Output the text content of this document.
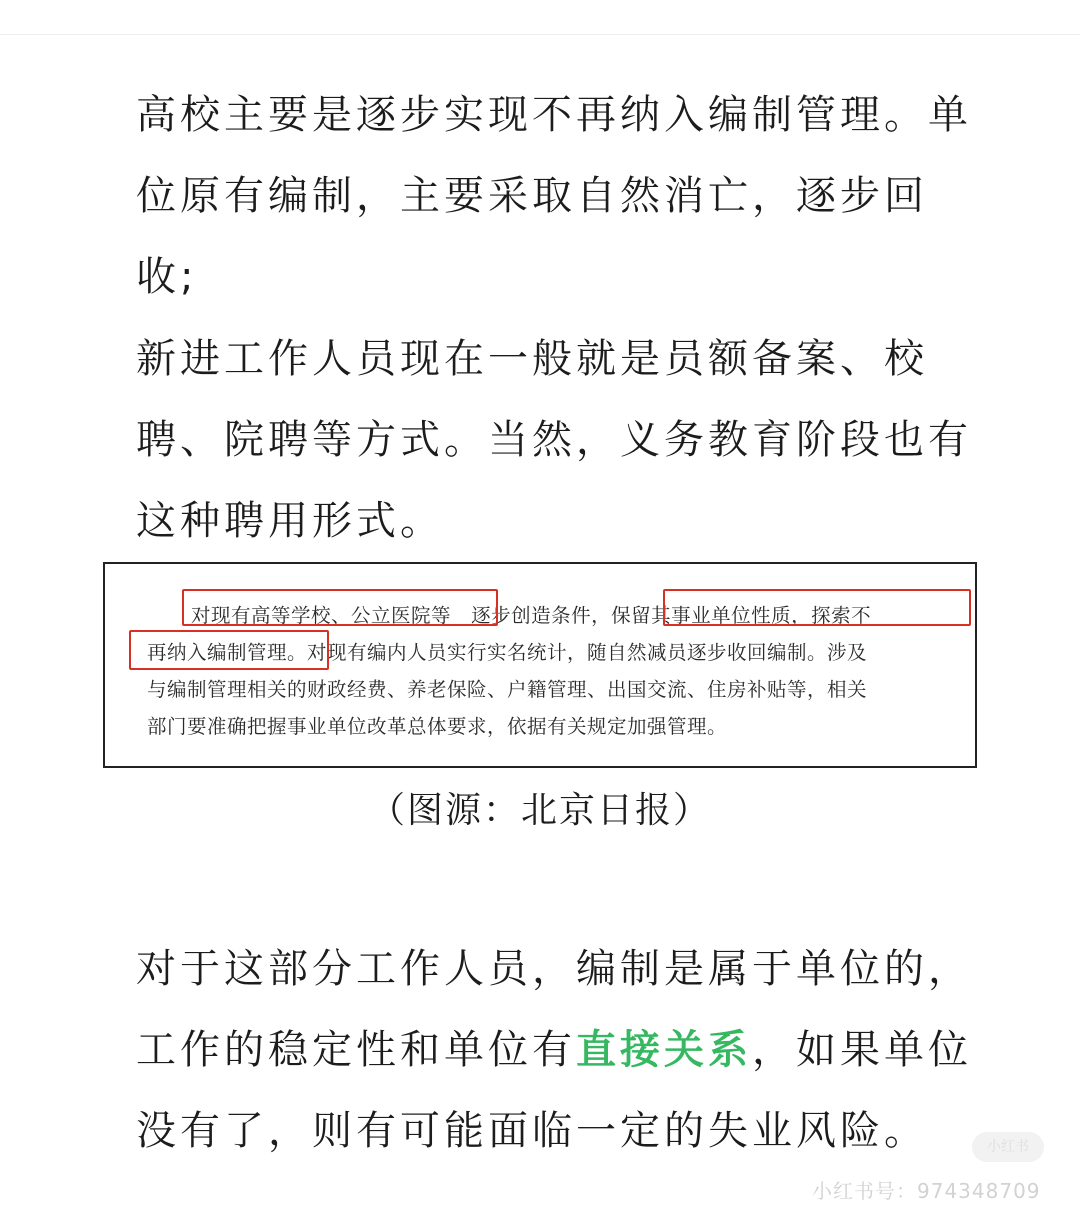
高校主要是逐步实现不再纳入编制管理。单
位原有编制，主要采取自然消亡，逐步回
收;
新进工作人员现在一般就是员额备案、校
聘、院聘等方式。当然，义务教育阶段也有
这种聘用形式。
对现有高等学校、公立医院等 逐步创造条件，保留其事业单位性质，探索不
再纳入编制管理。对现有编内人员实行实名统计，随自然减员逐步收回编制。涉及
与编制管理相关的财政经费、养老保险、户籍管理、出国交流、住房补贴等，相关
部门要准确把握事业单位改革总体要求，依据有关规定加强管理。

（图源：北京日报）

对于这部分工作人员，编制是属于单位的，
工作的稳定性和单位有直接关系，如果单位
没有了，则有可能面临一定的失业风险。	小红书
小红书号：974348709
